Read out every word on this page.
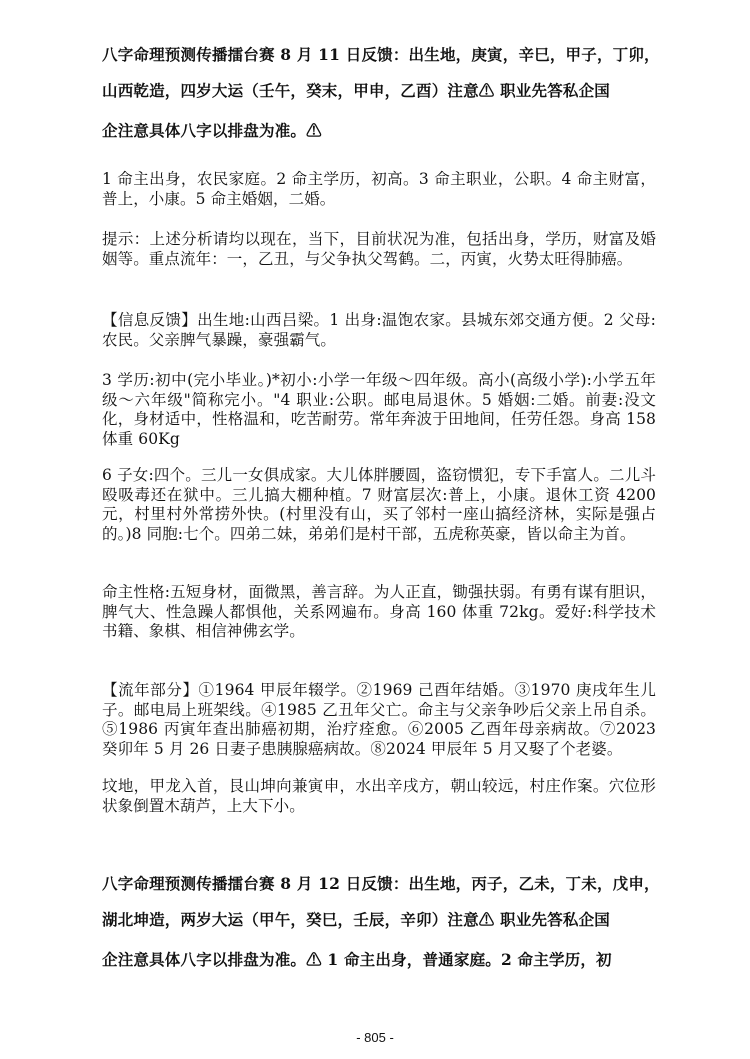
八字命理预测传播擂台赛 8 月 11 日反馈：出生地，庚寅，辛巳，甲子，丁卯，

山西乾造，四岁大运（壬午，癸末，甲申，乙酉）注意⚠ 职业先答私企国

企注意具体八字以排盘为准。⚠

1 命主出身，农民家庭。2 命主学历，初高。3 命主职业，公职。4 命主财富，普上，小康。5 命主婚姻，二婚。

提示：上述分析请均以现在，当下，目前状况为准，包括出身，学历，财富及婚姻等。重点流年：一，乙丑，与父争执父驾鹤。二，丙寅，火势太旺得肺癌。

【信息反馈】出生地:山西吕梁。1 出身:温饱农家。县城东郊交通方便。2 父母:农民。父亲脾气暴躁，豪强霸气。

3 学历:初中(完小毕业。)*初小:小学一年级～四年级。高小(高级小学):小学五年级～六年级"简称完小。"4 职业:公职。邮电局退休。5 婚姻:二婚。前妻:没文化，身材适中，性格温和，吃苦耐劳。常年奔波于田地间，任劳任怨。身高 158 体重 60Kg

6 子女:四个。三儿一女俱成家。大儿体胖腰圆，盗窃惯犯，专下手富人。二儿斗殴吸毒还在狱中。三儿搞大棚种植。7 财富层次:普上，小康。退休工资 4200 元，村里村外常捞外快。(村里没有山，买了邻村一座山搞经济林，实际是强占的。)8 同胞:七个。四弟二妹，弟弟们是村干部，五虎称英豪，皆以命主为首。

命主性格:五短身材，面微黑，善言辞。为人正直，锄强扶弱。有勇有谋有胆识，脾气大、性急躁人都惧他，关系网遍布。身高 160 体重 72kg。爱好:科学技术书籍、象棋、相信神佛玄学。

【流年部分】①1964 甲辰年辍学。②1969 己酉年结婚。③1970 庚戌年生儿子。邮电局上班架线。④1985 乙丑年父亡。命主与父亲争吵后父亲上吊自杀。⑤1986 丙寅年查出肺癌初期，治疗痊愈。⑥2005 乙酉年母亲病故。⑦2023 癸卯年 5 月 26 日妻子患胰腺癌病故。⑧2024 甲辰年 5 月又娶了个老婆。

坟地，甲龙入首，艮山坤向兼寅申，水出辛戌方，朝山较远，村庄作案。穴位形状象倒置木葫芦，上大下小。

八字命理预测传播擂台赛 8 月 12 日反馈：出生地，丙子，乙未，丁未，戊申，

湖北坤造，两岁大运（甲午，癸巳，壬辰，辛卯）注意⚠ 职业先答私企国

企注意具体八字以排盘为准。⚠ 1 命主出身，普通家庭。2 命主学历，初

- 805 -
